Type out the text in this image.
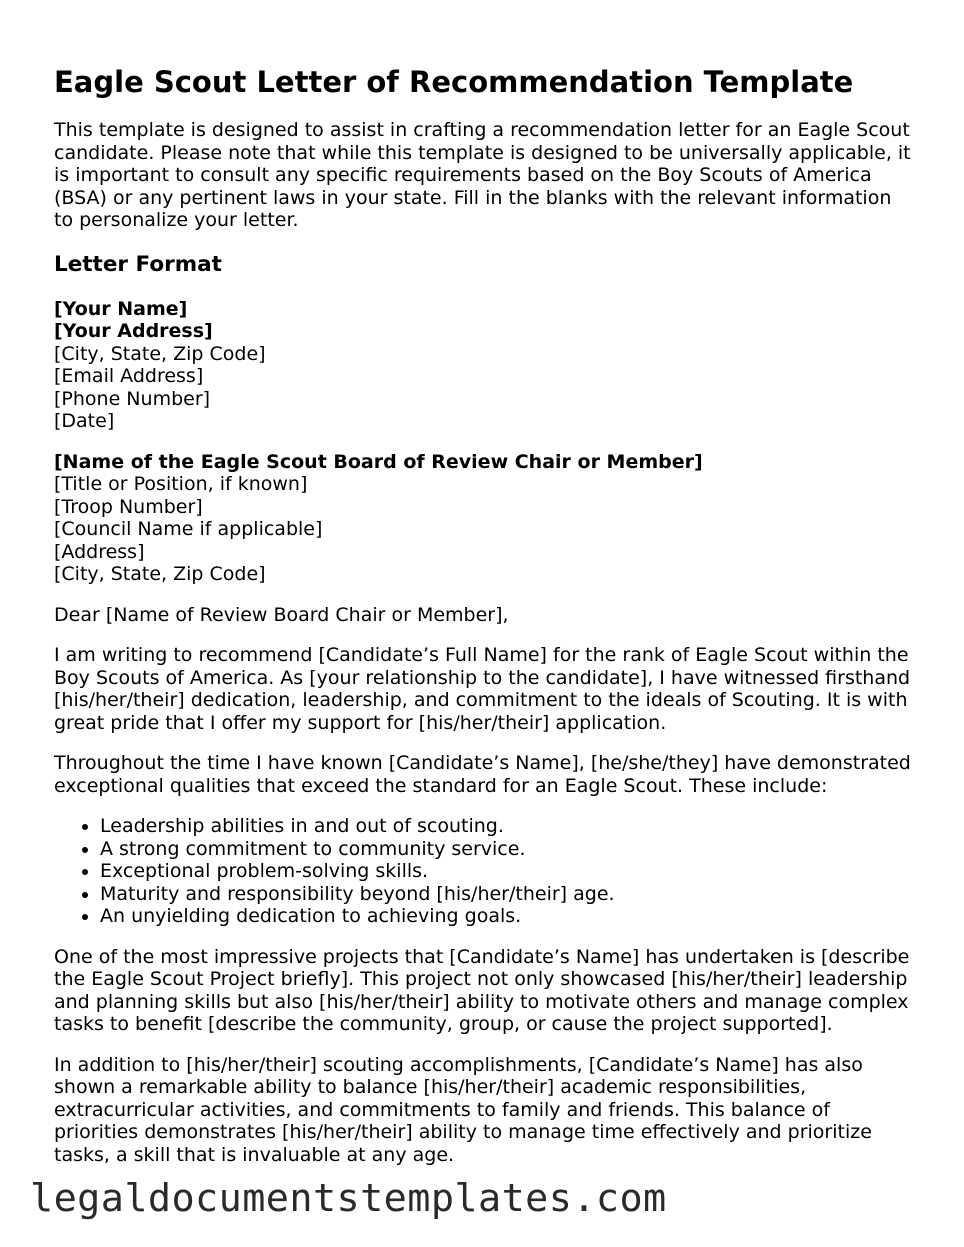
Eagle Scout Letter of Recommendation Template

This template is designed to assist in crafting a recommendation letter for an Eagle Scout candidate. Please note that while this template is designed to be universally applicable, it is important to consult any specific requirements based on the Boy Scouts of America (BSA) or any pertinent laws in your state. Fill in the blanks with the relevant information to personalize your letter.

Letter Format
[Your Name]
[Your Address]
[City, State, Zip Code]
[Email Address]
[Phone Number]
[Date]
[Name of the Eagle Scout Board of Review Chair or Member]
[Title or Position, if known]
[Troop Number]
[Council Name if applicable]
[Address]
[City, State, Zip Code]

Dear [Name of Review Board Chair or Member],

I am writing to recommend [Candidate’s Full Name] for the rank of Eagle Scout within the Boy Scouts of America. As [your relationship to the candidate], I have witnessed firsthand [his/her/their] dedication, leadership, and commitment to the ideals of Scouting. It is with great pride that I offer my support for [his/her/their] application.

Throughout the time I have known [Candidate’s Name], [he/she/they] have demonstrated exceptional qualities that exceed the standard for an Eagle Scout. These include:

• Leadership abilities in and out of scouting.
• A strong commitment to community service.
• Exceptional problem-solving skills.
• Maturity and responsibility beyond [his/her/their] age.
• An unyielding dedication to achieving goals.

One of the most impressive projects that [Candidate’s Name] has undertaken is [describe the Eagle Scout Project briefly]. This project not only showcased [his/her/their] leadership and planning skills but also [his/her/their] ability to motivate others and manage complex tasks to benefit [describe the community, group, or cause the project supported].

In addition to [his/her/their] scouting accomplishments, [Candidate’s Name] has also shown a remarkable ability to balance [his/her/their] academic responsibilities, extracurricular activities, and commitments to family and friends. This balance of priorities demonstrates [his/her/their] ability to manage time effectively and prioritize tasks, a skill that is invaluable at any age.

legaldocumentstemplates.com
